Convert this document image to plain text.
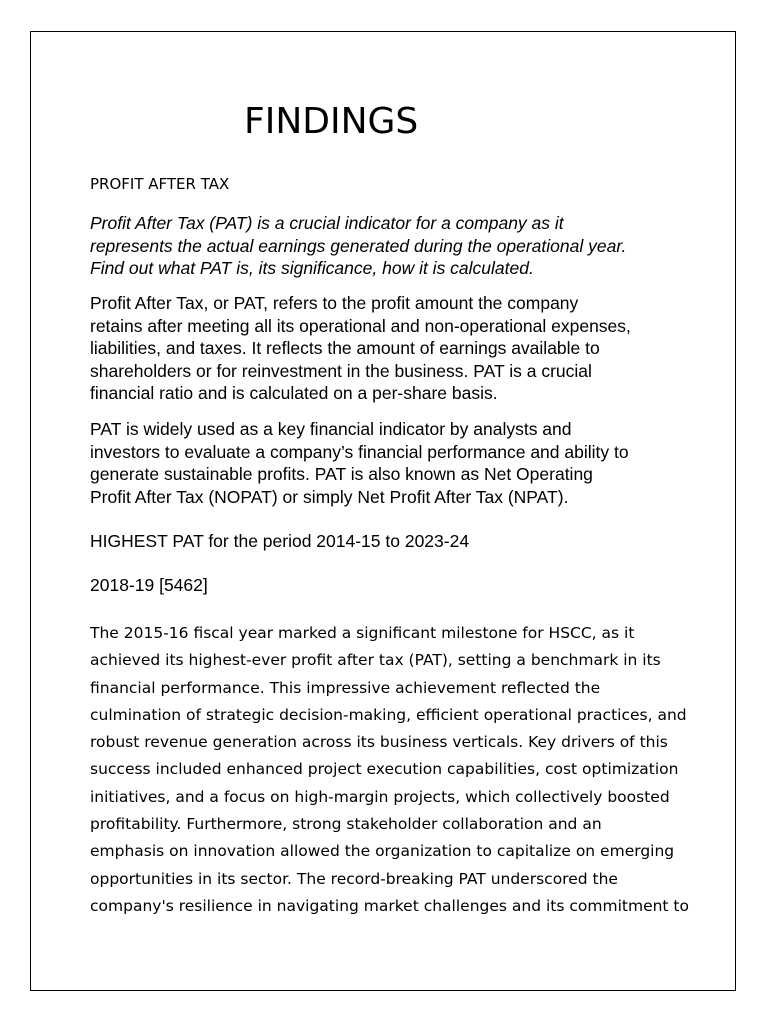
FINDINGS
PROFIT AFTER TAX

Profit After Tax (PAT) is a crucial indicator for a company as it
represents the actual earnings generated during the operational year.
Find out what PAT is, its significance, how it is calculated.

Profit After Tax, or PAT, refers to the profit amount the company
retains after meeting all its operational and non-operational expenses,
liabilities, and taxes. It reflects the amount of earnings available to
shareholders or for reinvestment in the business. PAT is a crucial
financial ratio and is calculated on a per-share basis.

PAT is widely used as a key financial indicator by analysts and
investors to evaluate a company’s financial performance and ability to
generate sustainable profits. PAT is also known as Net Operating
Profit After Tax (NOPAT) or simply Net Profit After Tax (NPAT).

HIGHEST PAT for the period 2014-15 to 2023-24

2018-19 [5462]

The 2015-16 fiscal year marked a significant milestone for HSCC, as it
achieved its highest-ever profit after tax (PAT), setting a benchmark in its
financial performance. This impressive achievement reflected the
culmination of strategic decision-making, efficient operational practices, and
robust revenue generation across its business verticals. Key drivers of this
success included enhanced project execution capabilities, cost optimization
initiatives, and a focus on high-margin projects, which collectively boosted
profitability. Furthermore, strong stakeholder collaboration and an
emphasis on innovation allowed the organization to capitalize on emerging
opportunities in its sector. The record-breaking PAT underscored the
company's resilience in navigating market challenges and its commitment to
